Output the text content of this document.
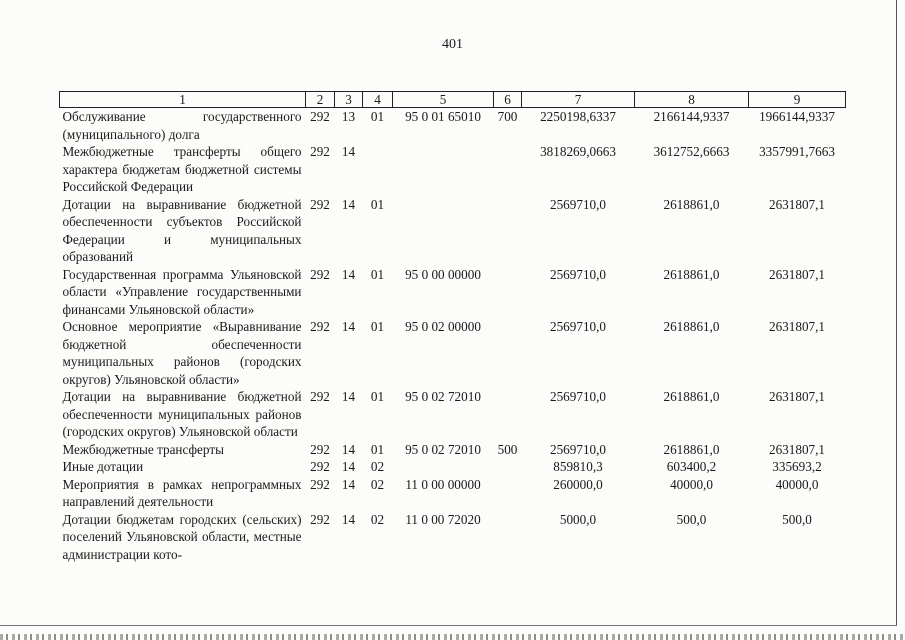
401
1	2	3	4	5	6	7	8	9
Обслуживание государственного (муниципального) долга	292	13	01	95 0 01 65010	700	2250198,6337	2166144,9337	1966144,9337
Межбюджетные трансферты общего характера бюджетам бюджетной системы Российской Федерации	292	14				3818269,0663	3612752,6663	3357991,7663
Дотации на выравнивание бюджетной обеспеченности субъектов Российской Федерации и муниципальных образований	292	14	01			2569710,0	2618861,0	2631807,1
Государственная программа Ульяновской области «Управление государственными финансами Ульяновской области»	292	14	01	95 0 00 00000		2569710,0	2618861,0	2631807,1
Основное мероприятие «Выравнивание бюджетной обеспеченности муниципальных районов (городских округов) Ульяновской области»	292	14	01	95 0 02 00000		2569710,0	2618861,0	2631807,1
Дотации на выравнивание бюджетной обеспеченности муниципальных районов (городских округов) Ульяновской области	292	14	01	95 0 02 72010		2569710,0	2618861,0	2631807,1
Межбюджетные трансферты	292	14	01	95 0 02 72010	500	2569710,0	2618861,0	2631807,1
Иные дотации	292	14	02			859810,3	603400,2	335693,2
Мероприятия в рамках непрограммных направлений деятельности	292	14	02	11 0 00 00000		260000,0	40000,0	40000,0
Дотации бюджетам городских (сельских) поселений Ульяновской области, местные администрации кото-	292	14	02	11 0 00 72020		5000,0	500,0	500,0
